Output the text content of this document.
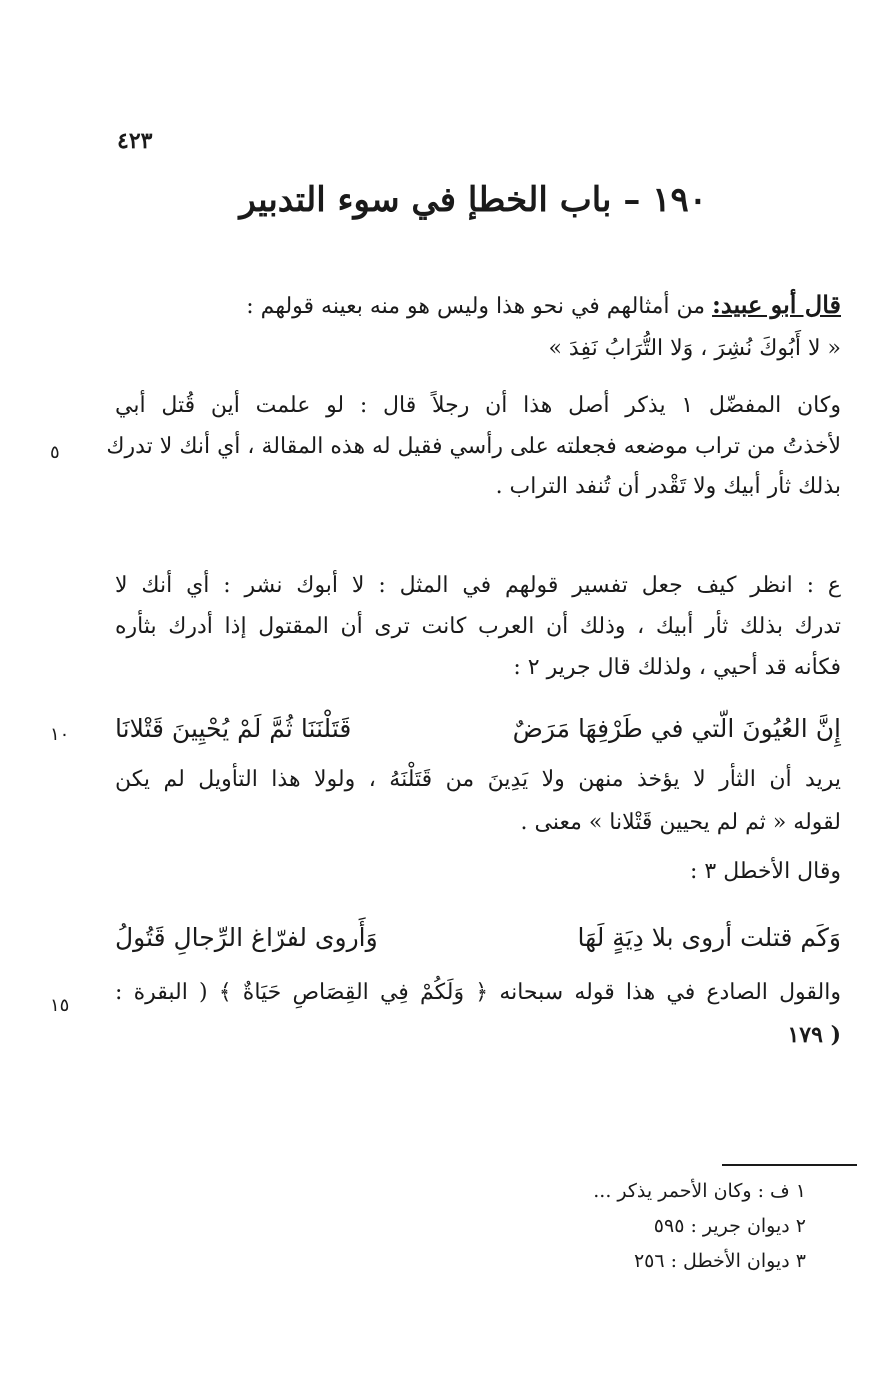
٤٢٣
١٩٠ – باب الخطإ في سوء التدبير
قال أبو عبيد: من أمثالهم في نحو هذا وليس هو منه بعينه قولهم :
« لا أَبُوكَ نُشِرَ ، وَلا التُّرَابُ نَفِدَ »
وكان المفضّل ١ يذكر أصل هذا أن رجلاً قال : لو علمت أين قُتل أبي
لأخذتُ من تراب موضعه فجعلته على رأسي فقيل له هذه المقالة ، أي أنك لا تدرك
بذلك ثأر أبيك ولا تَقْدر أن تُنفد التراب .
ع : انظر كيف جعل تفسير قولهم في المثل : لا أبوك نشر : أي أنك لا
تدرك بذلك ثأر أبيك ، وذلك أن العرب كانت ترى أن المقتول إذا أدرك بثأره
فكأنه قد أحيي ، ولذلك قال جرير ٢ :
إِنَّ العُيُونَ الّتي في طَرْفِهَا مَرَضٌ
قَتَلْنَنَا ثُمَّ لَمْ يُحْيِينَ قَتْلانَا
يريد أن الثأر لا يؤخذ منهن ولا يَدِينَ من قَتَلْنَهُ ، ولولا هذا التأويل لم يكن
لقوله « ثم لم يحيين قَتْلانا » معنى .
وقال الأخطل ٣ :
وَكَم قتلت أروى بلا دِيَةٍ لَهَا
وَأَروى لفرّاغ الرِّجالِ قَتُولُ
والقول الصادع في هذا قوله سبحانه ﴿ وَلَكُمْ فِي القِصَاصِ حَيَاةٌ ﴾ ( البقرة :
١٧٩ )
٥
١٠
١٥
١ ف : وكان الأحمر يذكر ...
٢ ديوان جرير : ٥٩٥
٣ ديوان الأخطل : ٢٥٦
